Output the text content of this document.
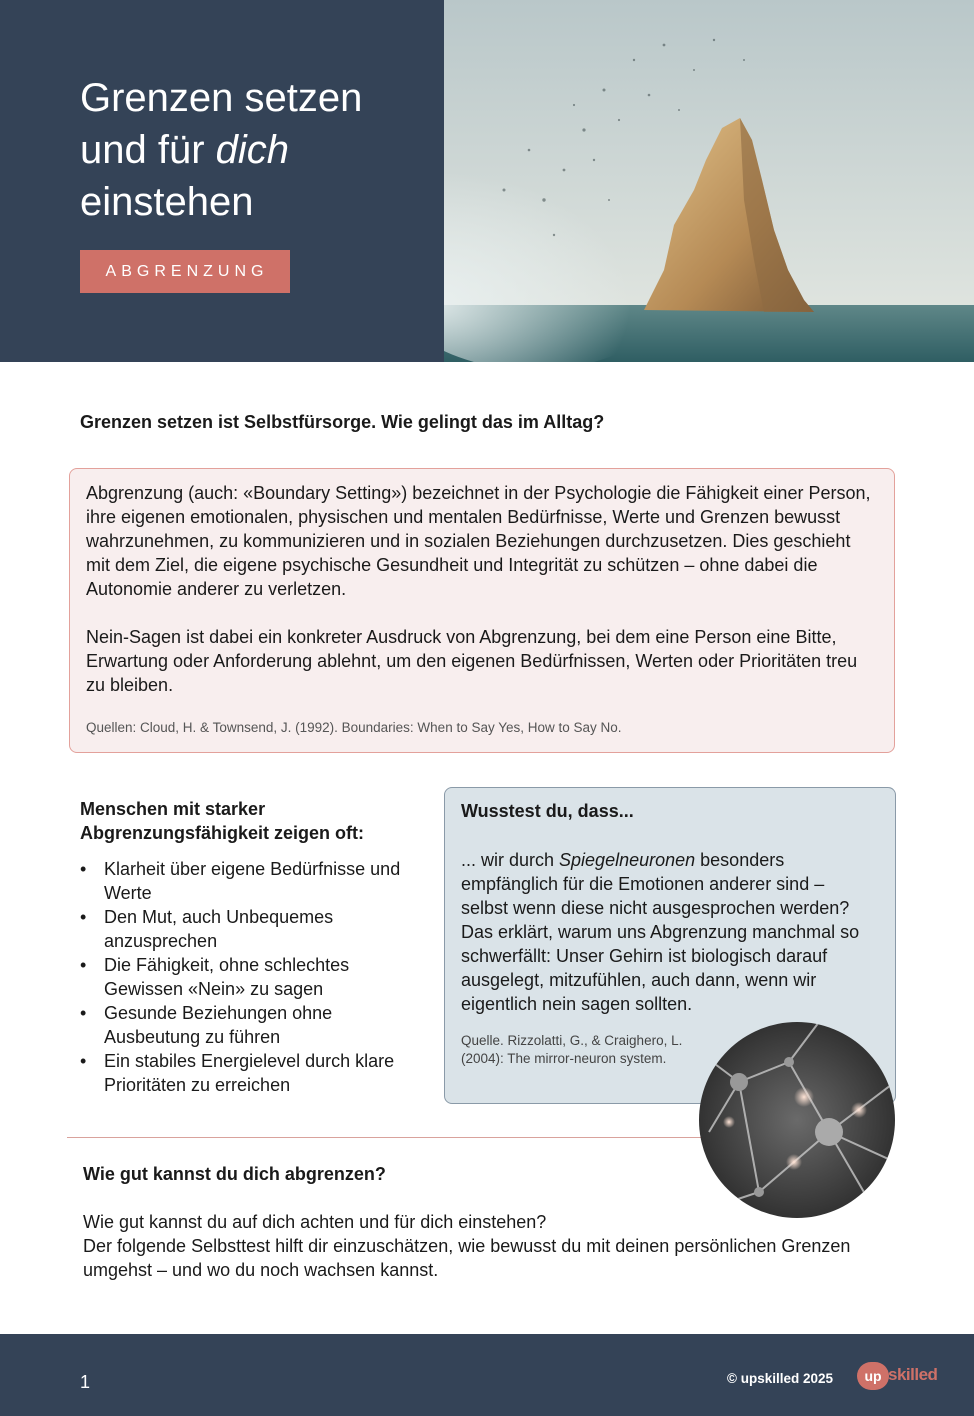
Grenzen setzen und für dich einstehen
ABGRENZUNG
Grenzen setzen ist Selbstfürsorge. Wie gelingt das im Alltag?

Abgrenzung (auch: «Boundary Setting») bezeichnet in der Psychologie die Fähigkeit einer Person, ihre eigenen emotionalen, physischen und mentalen Bedürfnisse, Werte und Grenzen bewusst wahrzunehmen, zu kommunizieren und in sozialen Beziehungen durchzusetzen. Dies geschieht mit dem Ziel, die eigene psychische Gesundheit und Integrität zu schützen – ohne dabei die Autonomie anderer zu verletzen.

Nein-Sagen ist dabei ein konkreter Ausdruck von Abgrenzung, bei dem eine Person eine Bitte, Erwartung oder Anforderung ablehnt, um den eigenen Bedürfnissen, Werten oder Prioritäten treu zu bleiben.

Quellen: Cloud, H. & Townsend, J. (1992). Boundaries: When to Say Yes, How to Say No.
Menschen mit starker Abgrenzungsfähigkeit zeigen oft:
• Klarheit über eigene Bedürfnisse und Werte
• Den Mut, auch Unbequemes anzusprechen
• Die Fähigkeit, ohne schlechtes Gewissen «Nein» zu sagen
• Gesunde Beziehungen ohne Ausbeutung zu führen
• Ein stabiles Energielevel durch klare Prioritäten zu erreichen
Wusstest du, dass...

... wir durch Spiegelneuronen besonders empfänglich für die Emotionen anderer sind – selbst wenn diese nicht ausgesprochen werden? Das erklärt, warum uns Abgrenzung manchmal so schwerfällt: Unser Gehirn ist biologisch darauf ausgelegt, mitzufühlen, auch dann, wenn wir eigentlich nein sagen sollten.

Quelle. Rizzolatti, G., & Craighero, L. (2004): The mirror-neuron system.
Wie gut kannst du dich abgrenzen?

Wie gut kannst du auf dich achten und für dich einstehen?

Der folgende Selbsttest hilft dir einzuschätzen, wie bewusst du mit deinen persönlichen Grenzen umgehst – und wo du noch wachsen kannst.

1	© upskilled 2025	up skilled
